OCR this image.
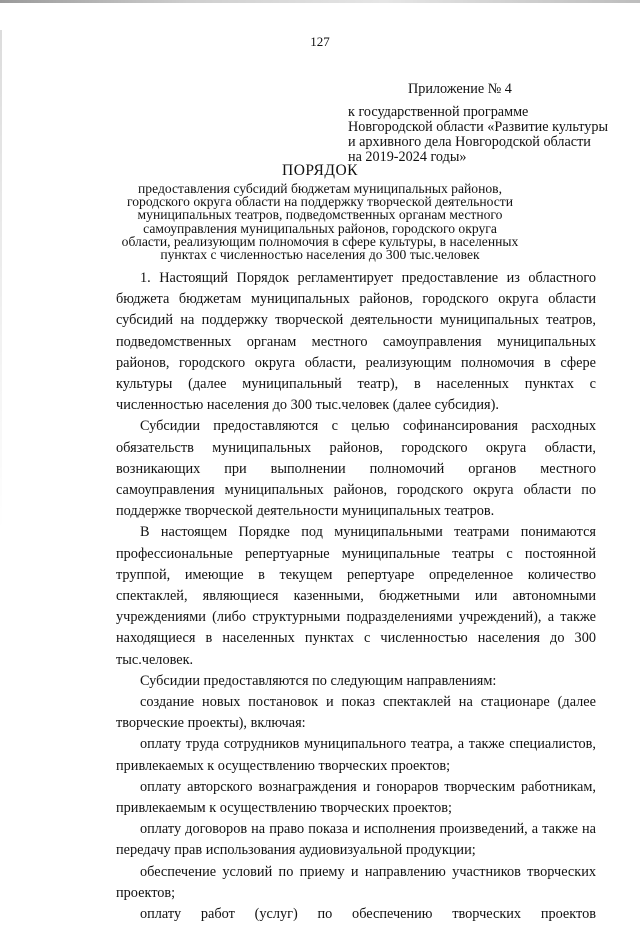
127
Приложение № 4
к государственной программе Новгородской области «Развитие культуры и архивного дела Новгородской области на 2019-2024 годы»
ПОРЯДОК
предоставления субсидий бюджетам муниципальных районов, городского округа области на поддержку творческой деятельности муниципальных театров, подведомственных органам местного самоуправления муниципальных районов, городского округа области, реализующим полномочия в сфере культуры, в населенных пунктах с численностью населения до 300 тыс.человек

1. Настоящий Порядок регламентирует предоставление из областного бюджета бюджетам муниципальных районов, городского округа области субсидий на поддержку творческой деятельности муниципальных театров, подведомственных органам местного самоуправления муниципальных районов, городского округа области, реализующим полномочия в сфере культуры (далее муниципальный театр), в населенных пунктах с численностью населения до 300 тыс.человек (далее субсидия).

Субсидии предоставляются с целью софинансирования расходных обязательств муниципальных районов, городского округа области, возникающих при выполнении полномочий органов местного самоуправления муниципальных районов, городского округа области по поддержке творческой деятельности муниципальных театров.

В настоящем Порядке под муниципальными театрами понимаются профессиональные репертуарные муниципальные театры с постоянной труппой, имеющие в текущем репертуаре определенное количество спектаклей, являющиеся казенными, бюджетными или автономными учреждениями (либо структурными подразделениями учреждений), а также находящиеся в населенных пунктах с численностью населения до 300 тыс.человек.

Субсидии предоставляются по следующим направлениям:

создание новых постановок и показ спектаклей на стационаре (далее творческие проекты), включая:

оплату труда сотрудников муниципального театра, а также специалистов, привлекаемых к осуществлению творческих проектов;

оплату авторского вознаграждения и гонораров творческим работникам, привлекаемым к осуществлению творческих проектов;

оплату договоров на право показа и исполнения произведений, а также на передачу прав использования аудиовизуальной продукции;

обеспечение условий по приему и направлению участников творческих проектов;

оплату работ (услуг) по обеспечению творческих проектов
